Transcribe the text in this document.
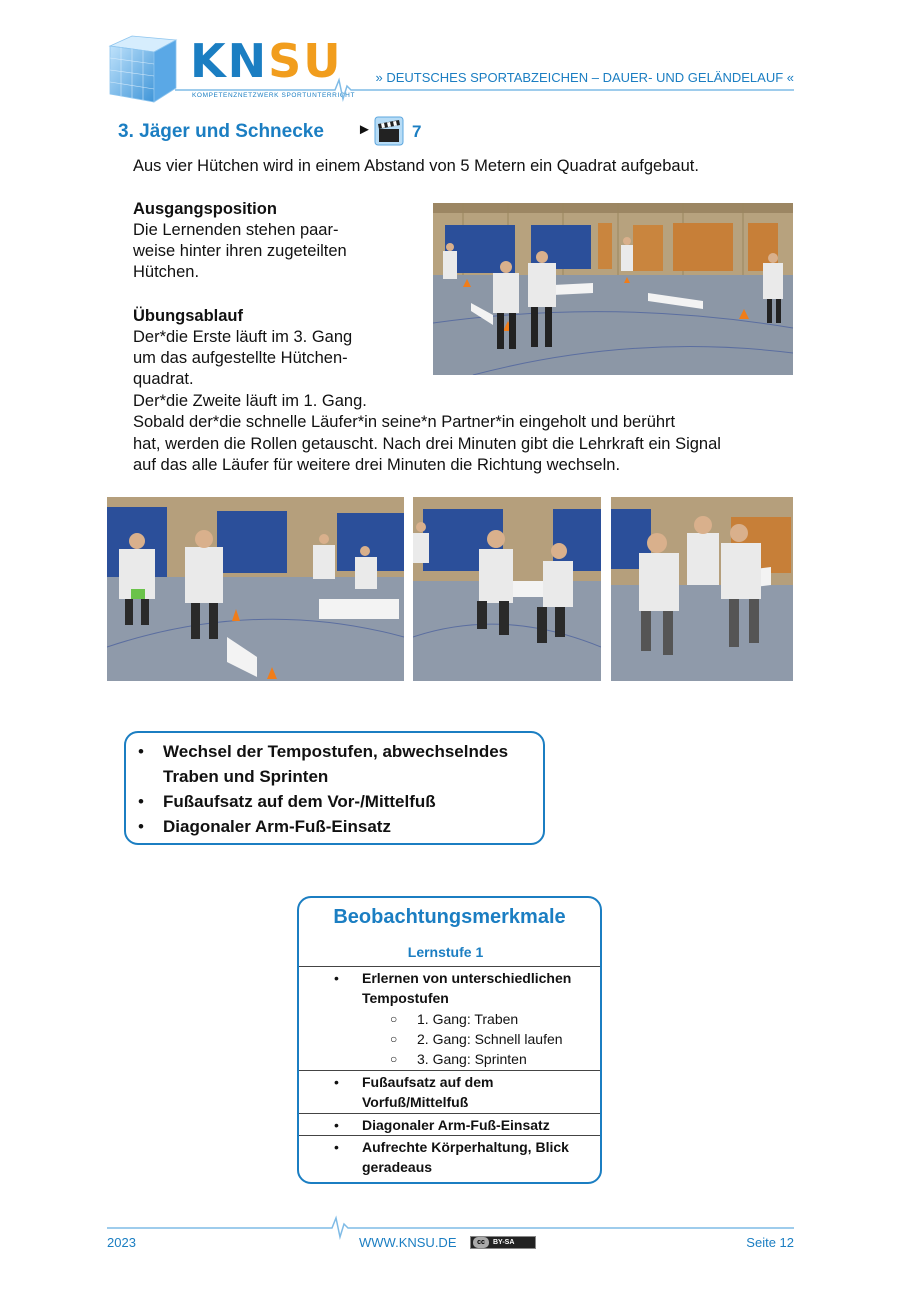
KNSU
KOMPETENZNETZWERK SPORTUNTERRICHT
» DEUTSCHES SPORTABZEICHEN – DAUER- UND GELÄNDELAUF «
3. Jäger und Schnecke ► 7
Aus vier Hütchen wird in einem Abstand von 5 Metern ein Quadrat aufgebaut.
Ausgangsposition
Die Lernenden stehen paar-
weise hinter ihren zugeteilten
Hütchen.
Übungsablauf
Der*die Erste läuft im 3. Gang
um das aufgestellte Hütchen-
quadrat.
Der*die Zweite läuft im 1. Gang.
Sobald der*die schnelle Läufer*in seine*n Partner*in eingeholt und berührt
hat, werden die Rollen getauscht. Nach drei Minuten gibt die Lehrkraft ein Signal
auf das alle Läufer für weitere drei Minuten die Richtung wechseln.
• Wechsel der Tempostufen, abwechselndes
Traben und Sprinten
• Fußaufsatz auf dem Vor-/Mittelfuß
• Diagonaler Arm-Fuß-Einsatz
Beobachtungsmerkmale
Lernstufe 1
• Erlernen von unterschiedlichen
Tempostufen
○ 1. Gang: Traben
○ 2. Gang: Schnell laufen
○ 3. Gang: Sprinten
• Fußaufsatz auf dem
Vorfuß/Mittelfuß
• Diagonaler Arm-Fuß-Einsatz
• Aufrechte Körperhaltung, Blick
geradeaus
2023	WWW.KNSU.DE	cc	BY-SA	Seite 12
